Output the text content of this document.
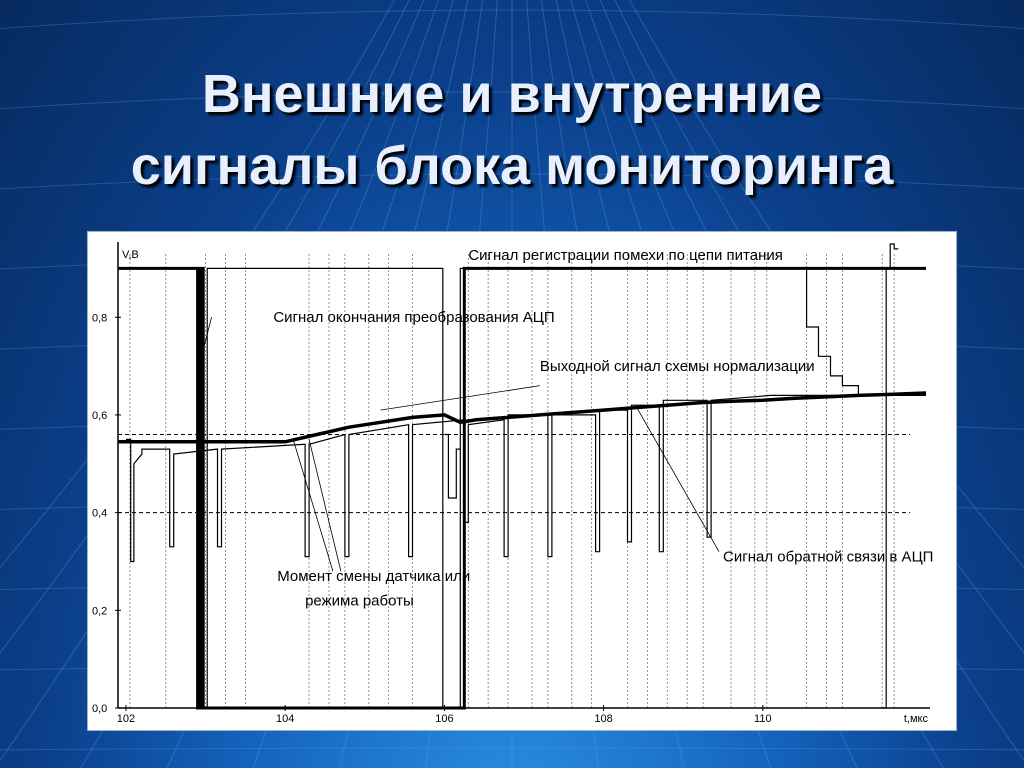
Внешние и внутренние
сигналы блока мониторинга
0,0
0,2
0,4
0,6
0,8
102	104	106	108	110
V,В
t,мкс
Сигнал регистрации помехи по цепи питания
Сигнал окончания преобразования АЦП
Выходной сигнал схемы нормализации
Момент смены датчика или
режима работы
Сигнал обратной связи в АЦП
